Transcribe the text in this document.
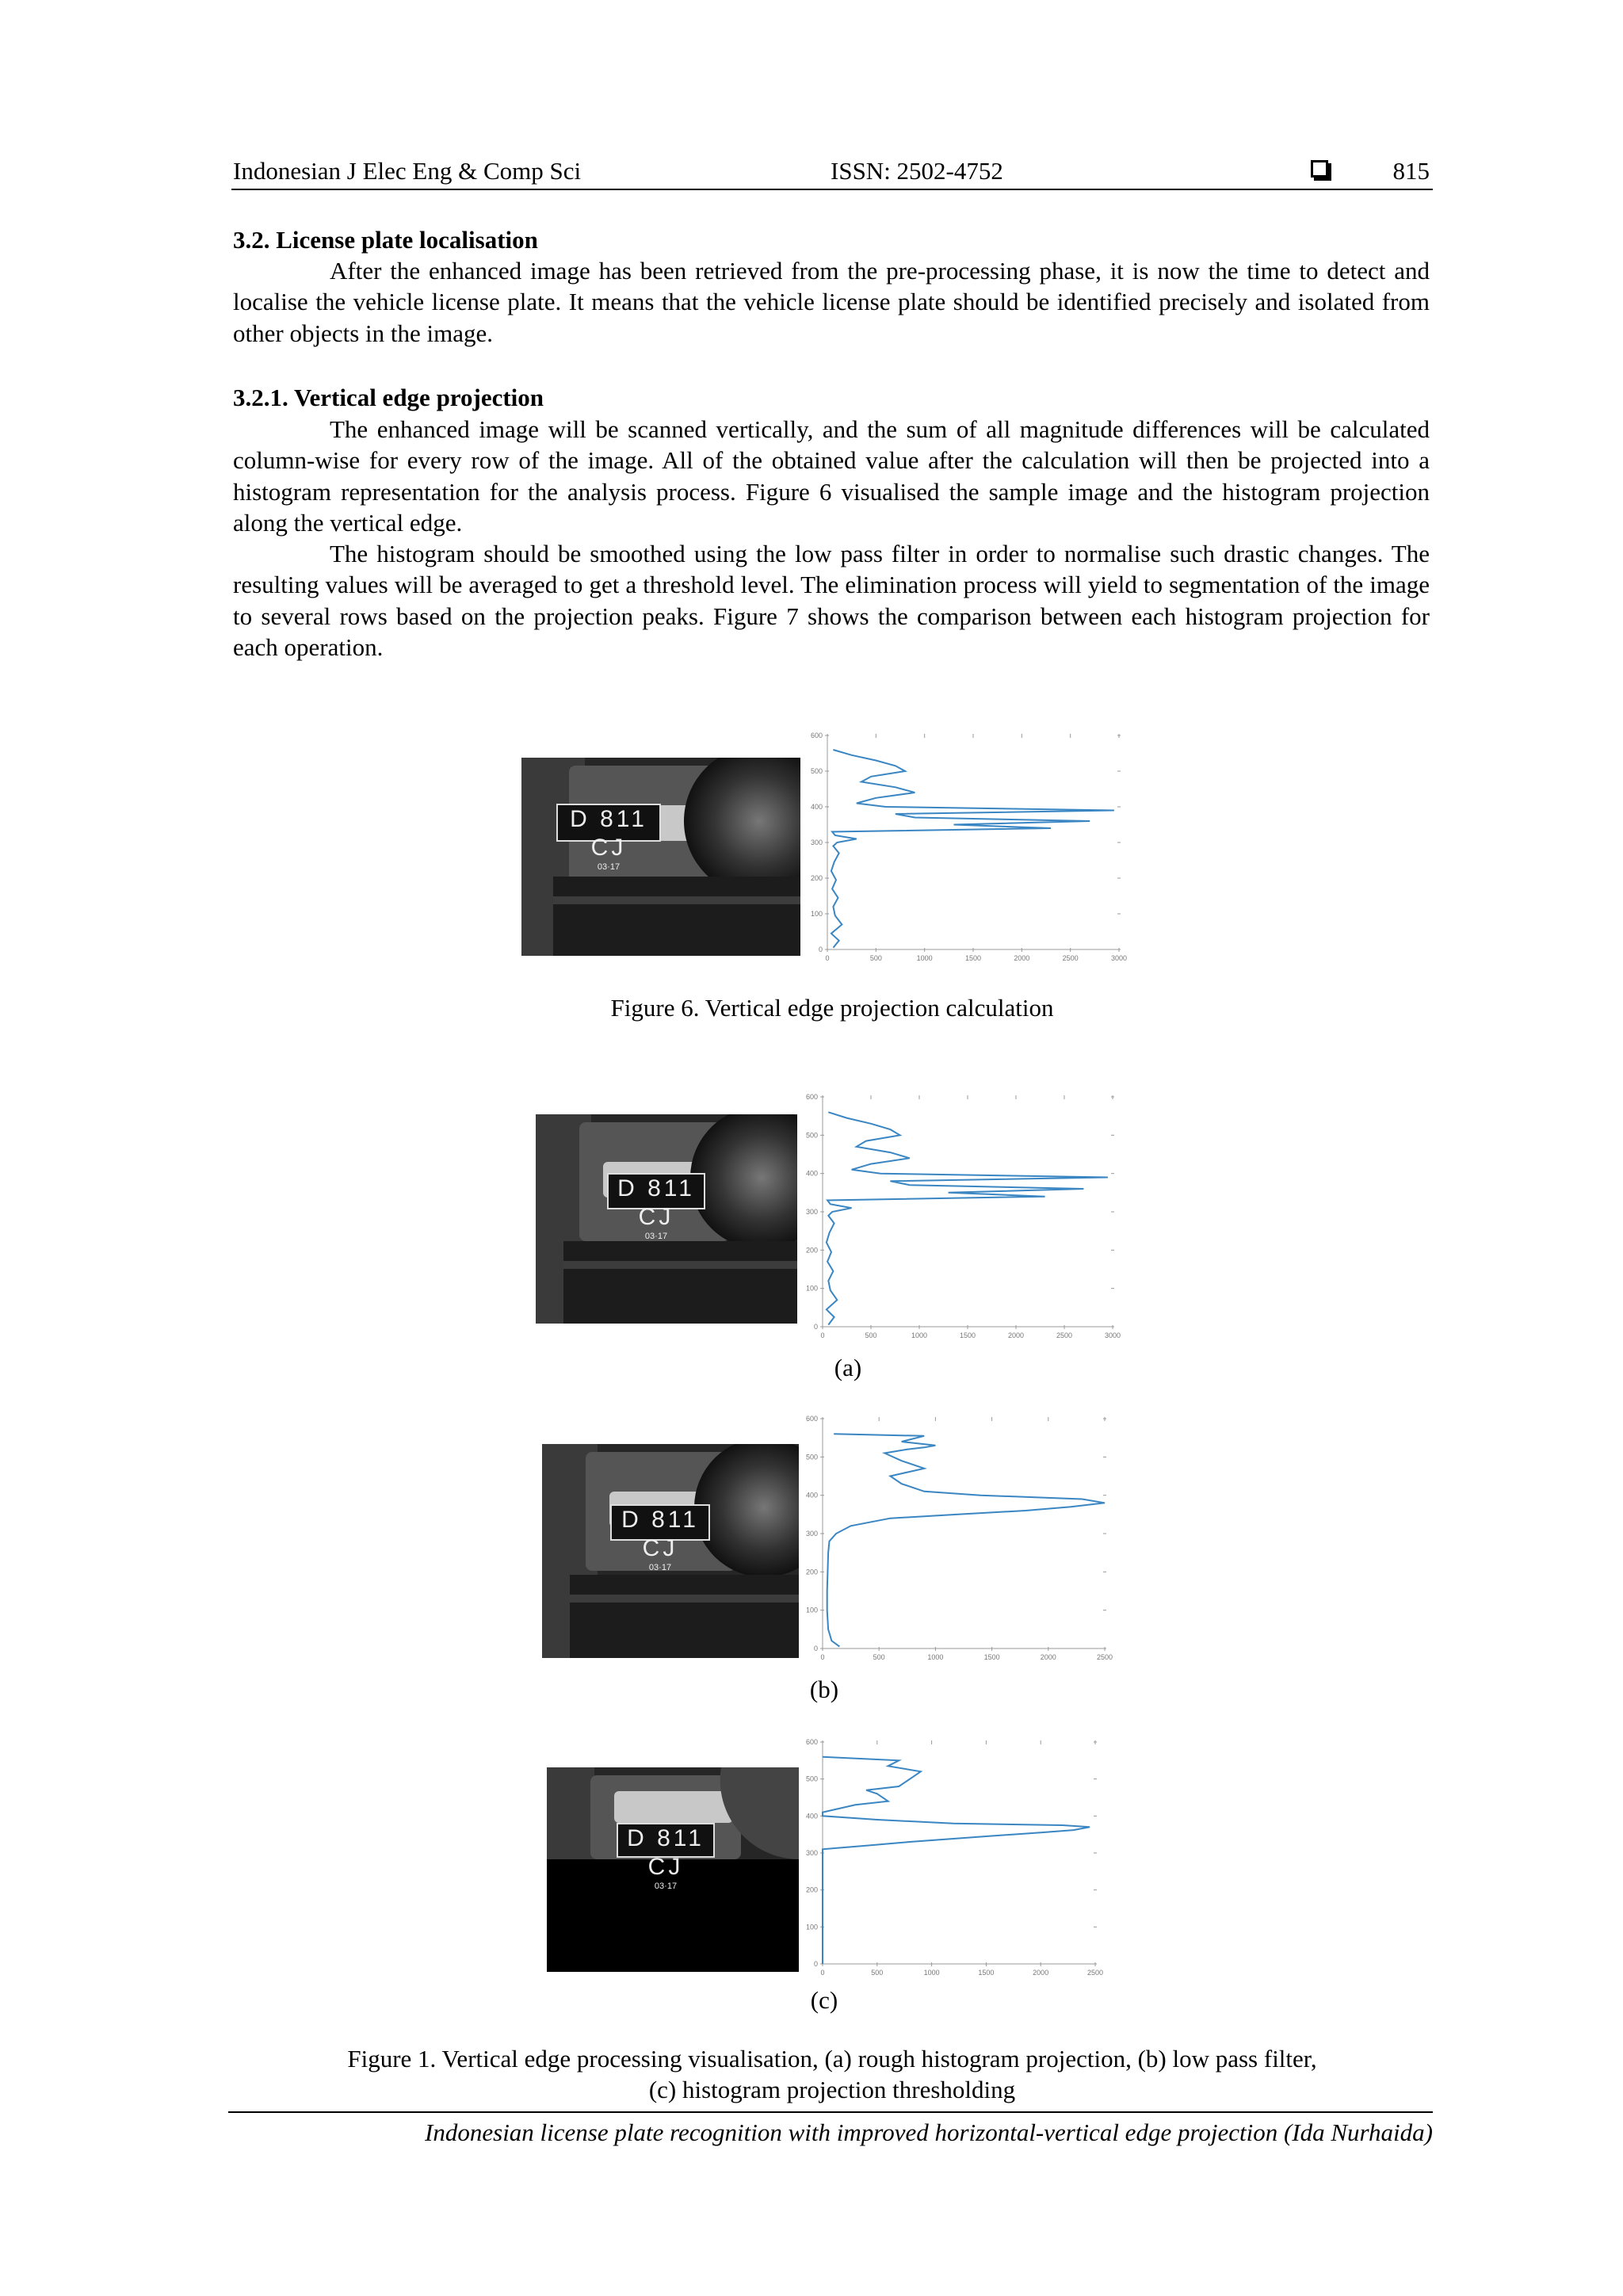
Indonesian J Elec Eng & Comp Sci	ISSN: 2502-4752	815
3.2. License plate localisation

After the enhanced image has been retrieved from the pre-processing phase, it is now the time to detect and localise the vehicle license plate. It means that the vehicle license plate should be identified precisely and isolated from other objects in the image.

3.2.1. Vertical edge projection

The enhanced image will be scanned vertically, and the sum of all magnitude differences will be calculated column-wise for every row of the image. All of the obtained value after the calculation will then be projected into a histogram representation for the analysis process. Figure 6 visualised the sample image and the histogram projection along the vertical edge.

The histogram should be smoothed using the low pass filter in order to normalise such drastic changes. The resulting values will be averaged to get a threshold level. The elimination process will yield to segmentation of the image to several rows based on the projection peaks. Figure 7 shows the comparison between each histogram projection for each operation.

D 811 CJ
03·17
0
100
200
300
400
500
600
0	500	1000	1500	2000	2500	3000
Figure 6. Vertical edge projection calculation
D 811 CJ
03·17
0
100
200
300
400
500
600
0	500	1000	1500	2000	2500	3000
(a)
D 811 CJ
03·17
0
100
200
300
400
500
600
0	500	1000	1500	2000	2500
(b)
D 811 CJ
03·17
0
100
200
300
400
500
600
0	500	1000	1500	2000	2500
(c)
Figure 1. Vertical edge processing visualisation, (a) rough histogram projection, (b) low pass filter,
(c) histogram projection thresholding
Indonesian license plate recognition with improved horizontal-vertical edge projection (Ida Nurhaida)
